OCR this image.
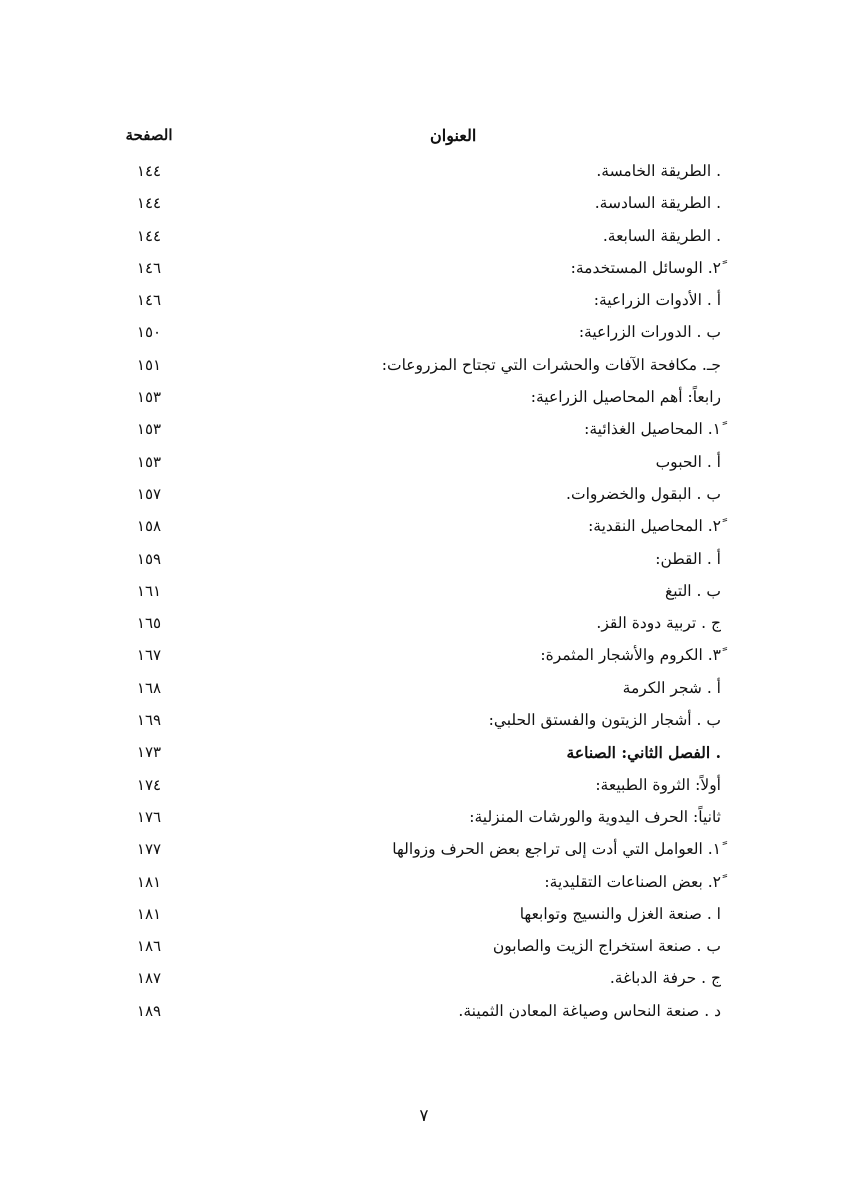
العنوان
الصفحة
. الطريقة الخامسة.
١٤٤
. الطريقة السادسة.
١٤٤
. الطريقة السابعة.
١٤٤
ً٢. الوسائل المستخدمة:
١٤٦
أ . الأدوات الزراعية:
١٤٦
ب . الدورات الزراعية:
١٥٠
جـ. مكافحة الآفات والحشرات التي تجتاح المزروعات:
١٥١
رابعاً: أهم المحاصيل الزراعية:
١٥٣
ً١. المحاصيل الغذائية:
١٥٣
أ . الحبوب
١٥٣
ب . البقول والخضروات.
١٥٧
ً٢. المحاصيل النقدية:
١٥٨
أ . القطن:
١٥٩
ب . التبغ
١٦١
ج . تربية دودة القز.
١٦٥
ً٣. الكروم والأشجار المثمرة:
١٦٧
أ . شجر الكرمة
١٦٨
ب . أشجار الزيتون والفستق الحلبي:
١٦٩
. الفصل الثاني: الصناعة
١٧٣
أولاً: الثروة الطبيعة:
١٧٤
ثانياً: الحرف اليدوية والورشات المنزلية:
١٧٦
ً١. العوامل التي أدت إلى تراجع بعض الحرف وزوالها
١٧٧
ً٢. بعض الصناعات التقليدية:
١٨١
ا . صنعة الغزل والنسيج وتوابعها
١٨١
ب . صنعة استخراج الزيت والصابون
١٨٦
ج . حرفة الدباغة.
١٨٧
د . صنعة النحاس وصياغة المعادن الثمينة.
١٨٩
٧
